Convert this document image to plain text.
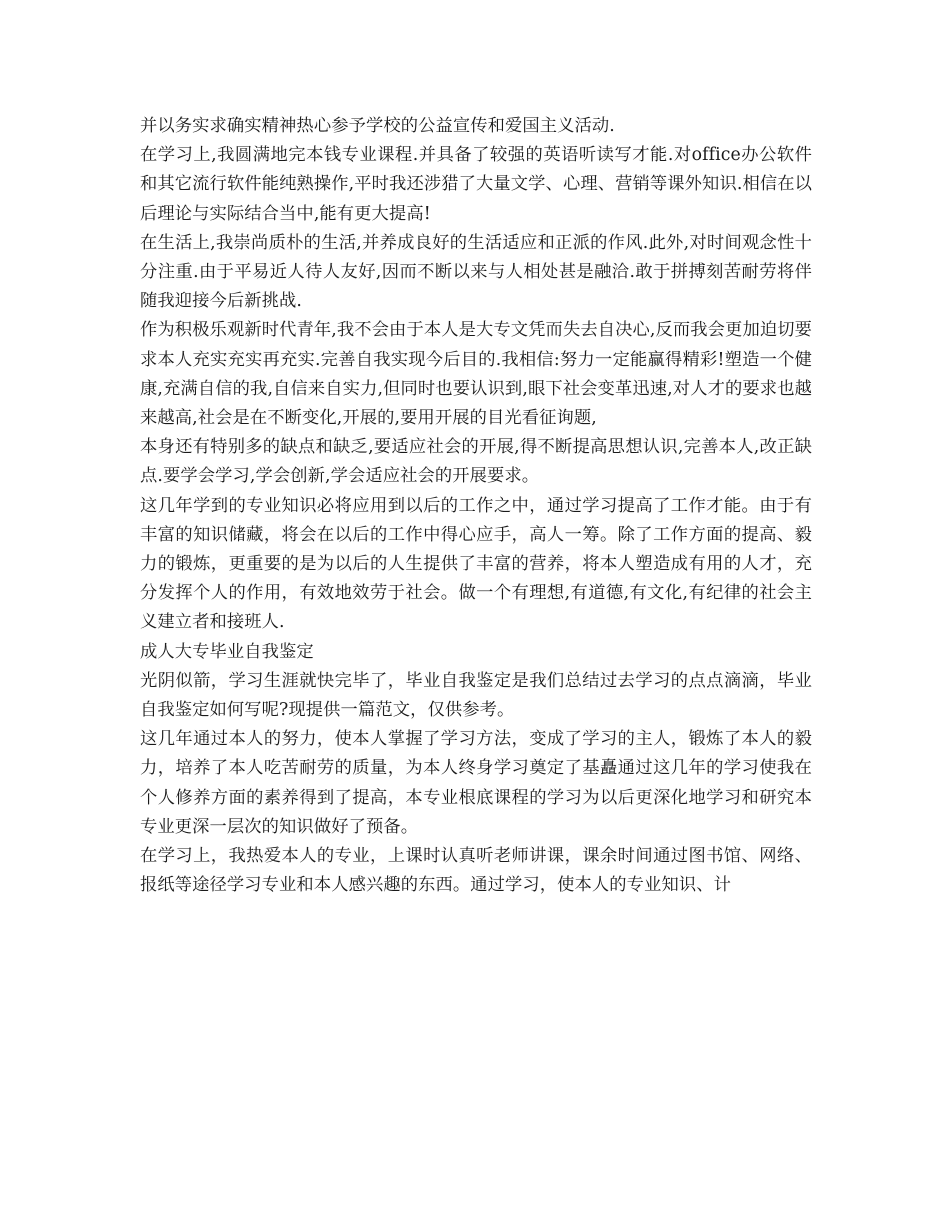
并以务实求确实精神热心参予学校的公益宣传和爱国主义活动.

在学习上,我圆满地完本钱专业课程.并具备了较强的英语听读写才能.对office办公软件和其它流行软件能纯熟操作,平时我还涉猎了大量文学、心理、营销等课外知识.相信在以后理论与实际结合当中,能有更大提高!

在生活上,我崇尚质朴的生活,并养成良好的生活适应和正派的作风.此外,对时间观念性十分注重.由于平易近人待人友好,因而不断以来与人相处甚是融洽.敢于拼搏刻苦耐劳将伴随我迎接今后新挑战.

作为积极乐观新时代青年,我不会由于本人是大专文凭而失去自决心,反而我会更加迫切要求本人充实充实再充实.完善自我实现今后目的.我相信:努力一定能赢得精彩!塑造一个健康,充满自信的我,自信来自实力,但同时也要认识到,眼下社会变革迅速,对人才的要求也越来越高,社会是在不断变化,开展的,要用开展的目光看征询题,

本身还有特别多的缺点和缺乏,要适应社会的开展,得不断提高思想认识,完善本人,改正缺点.要学会学习,学会创新,学会适应社会的开展要求。

这几年学到的专业知识必将应用到以后的工作之中，通过学习提高了工作才能。由于有丰富的知识储藏，将会在以后的工作中得心应手，高人一筹。除了工作方面的提高、毅力的锻炼，更重要的是为以后的人生提供了丰富的营养，将本人塑造成有用的人才，充分发挥个人的作用，有效地效劳于社会。做一个有理想,有道德,有文化,有纪律的社会主义建立者和接班人.

成人大专毕业自我鉴定

光阴似箭，学习生涯就快完毕了，毕业自我鉴定是我们总结过去学习的点点滴滴，毕业自我鉴定如何写呢?现提供一篇范文，仅供参考。

这几年通过本人的努力，使本人掌握了学习方法，变成了学习的主人，锻炼了本人的毅力，培养了本人吃苦耐劳的质量，为本人终身学习奠定了基矗通过这几年的学习使我在个人修养方面的素养得到了提高，本专业根底课程的学习为以后更深化地学习和研究本专业更深一层次的知识做好了预备。

在学习上，我热爱本人的专业，上课时认真听老师讲课，课余时间通过图书馆、网络、报纸等途径学习专业和本人感兴趣的东西。通过学习，使本人的专业知识、计
